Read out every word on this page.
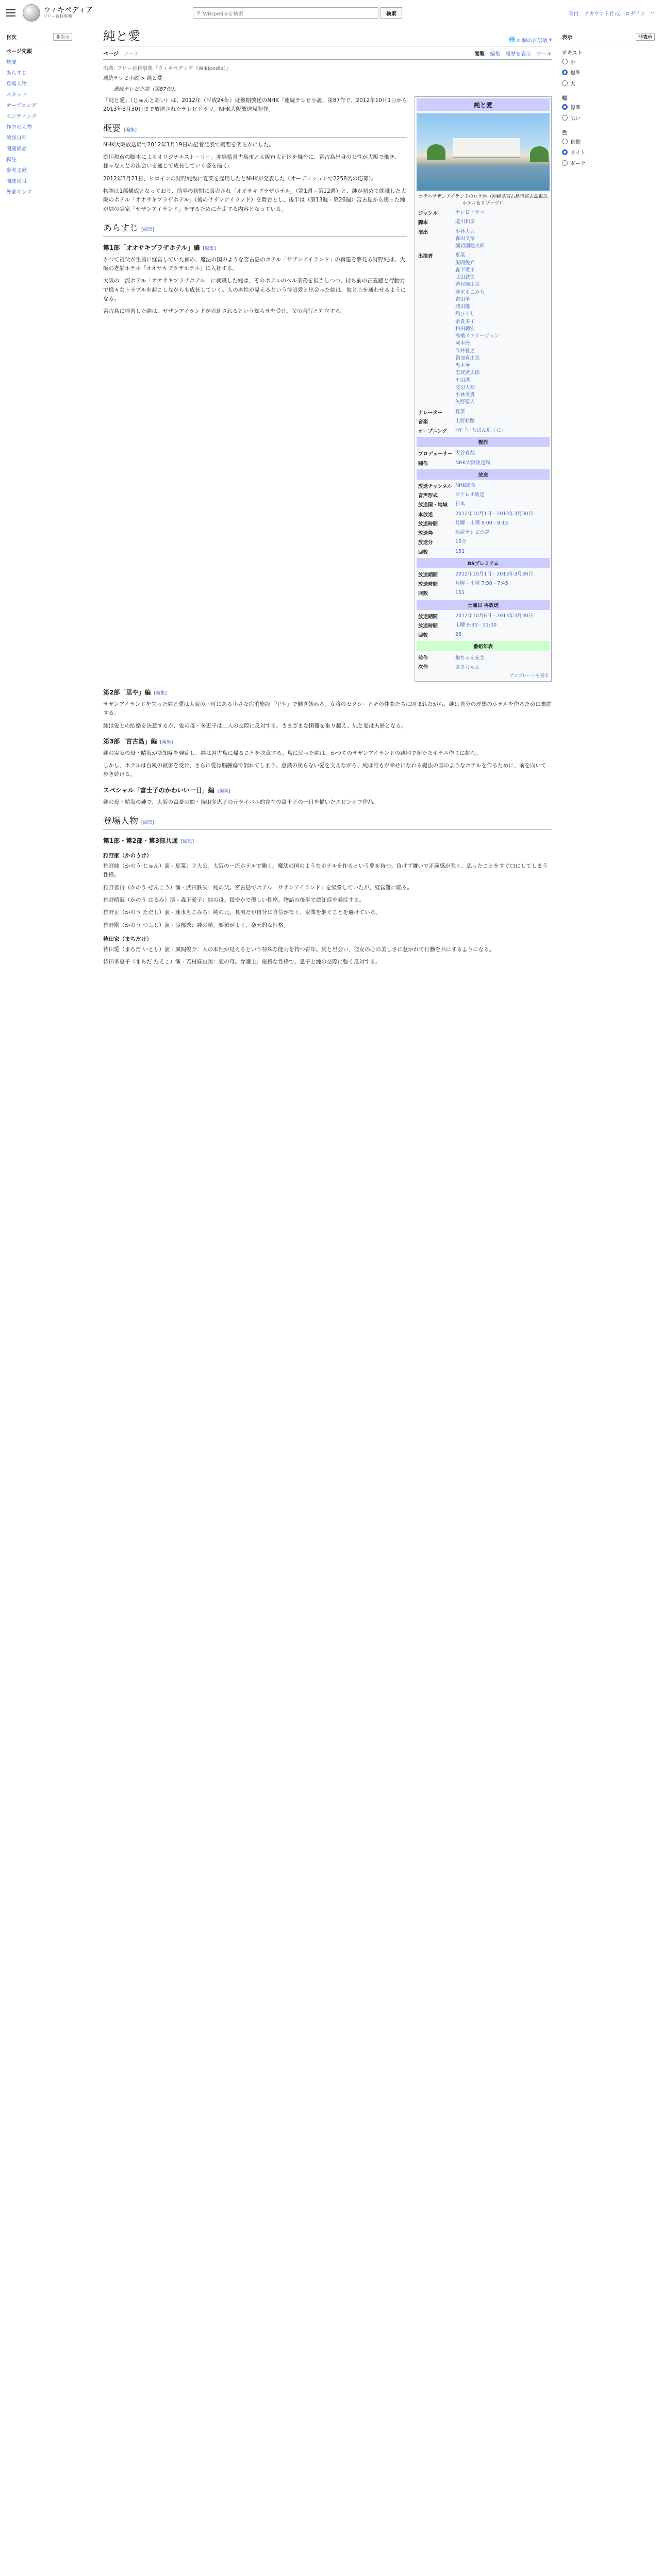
ウィキペディア
フリー百科事典
⚲ Wikipediaを検索	検索	寄付 アカウント作成 ログイン ⋯
目次	非表示
ページ先頭
概要
あらすじ
登場人物
スタッフ
オープニング
エンディング
作中の人物
放送日程
関連商品
脚注
参考文献
関連項目
外部リンク
純と愛	🌐 4 個の言語版 ▾
ページ ノート	閲覧 編集 履歴を表示 ツール
出典: フリー百科事典『ウィキペディア（Wikipedia）』
連続テレビ小説 > 純と愛
連続テレビ小説（第87作）。

『純と愛』（じゅんとあい）は、2012年（平成24年）度後期放送のNHK「連続テレビ小説」第87作で、2012年10月1日から2013年3月30日まで放送されたテレビドラマ。NHK大阪放送局制作。

概要 [編集]

NHK大阪放送局で2012年1月19日の記者発表で概要を明らかにした。

遊川和彦の脚本によるオリジナルストーリー。沖縄県宮古島市と大阪市大正区を舞台に、宮古島出身の女性が大阪で働き、様々な人との出会いを通じて成長していく姿を描く。

2012年3月21日、ヒロインの狩野純役に夏菜を起用したとNHKが発表した（オーディションで2258名の応募）。

物語は1部構成となっており、前半の初期に販売され「オオサキプラザホテル」（第1週 - 第12週）と、純が初めて就職した大阪のホテル「オオサキプラザホテル」（後のサザンアイランド）を舞台とし、後半は（第13週 - 第26週）宮古島から戻った純が純の実家「サザンアイランド」を守るために奔走する内容となっている。

あらすじ [編集]
第1部「オオサキプラザホテル」編 [編集]

かつて祖父が生前に経営していた南の、魔法の国のような宮古島のホテル「サザンアイランド」の再建を夢見る狩野純は、大阪の老舗ホテル「オオサキプラザホテル」に入社する。

大阪の一流ホテル「オオサキプラザホテル」に就職した純は、そのホテルのベル業務を担当しつつ、持ち前の正義感と行動力で様々なトラブルを起こしながらも成長していく。人の本性が見えるという待田愛と出会った純は、彼と心を通わせるようになる。

宮古島に帰省した純は、サザンアイランドが売却されるという知らせを受け、父の善行と対立する。

純と愛
ホテルサザンアイランドのロケ地（沖縄県宮古島市宮古島東急ホテル＆リゾーツ）
ジャンル	テレビドラマ
脚本	遊川和彦
演出	小林大児
森田文章
堀切園健太郎
出演者	夏菜
風間俊介
森下愛子
武田鉄矢
若村麻由美
速水もこみち
吉田羊
城田優
舘ひろし
余貴美子
和田聰宏
高橋メアリージュン
岡本玲
今井雅之
朝加真由美
黒木華
志賀廣太郎
平田満
渡辺大知
小林美貴
矢野聖人
ナレーター	夏菜
音楽	上野耕路
オープニング	HY「いちばん近くに」
製作
プロデューサー 大谷直哉
制作	NHK大阪放送局
放送
放送チャンネル NHK総合
音声形式	ステレオ放送
放送国・地域	日本
本放送	2012年10月1日 - 2013年3月30日
放送時間	月曜 - 土曜 8:00 - 8:15
放送枠	連続テレビ小説
放送分	15分
回数	151
BSプレミアム
放送期間	2012年10月1日 - 2013年3月30日
放送時間	月曜 - 土曜 7:30 - 7:45
回数	151
土曜日 再放送
放送期間	2012年10月6日 - 2013年3月30日
放送時間	土曜 9:30 - 11:00
回数	26
番組年表
前作	梅ちゃん先生
次作	あまちゃん
テンプレートを表示
第2部「里や」編 [編集]

サザンアイランドを失った純と愛は大阪の下町にある小さな宿泊施設「里や」で働き始める。女将のセクシーとその仲間たちに囲まれながら、純は自分の理想のホテルを作るために奮闘する。

純は愛との結婚を決意するが、愛の母・多恵子は二人の交際に反対する。さまざまな困難を乗り越え、純と愛は夫婦となる。

第3部「宮古島」編 [編集]

純の実家の母・晴海が認知症を発症し、純は宮古島に帰ることを決意する。島に戻った純は、かつてのサザンアイランドの跡地で新たなホテル作りに挑む。

しかし、ホテルは台風の被害を受け、さらに愛は脳腫瘍で倒れてしまう。意識の戻らない愛を支えながら、純は誰もが幸せになれる魔法の国のようなホテルを作るために、前を向いて歩き続ける。

スペシャル「富士子のかわいい一日」編 [編集]

純の母・晴海の姉で、大阪の富豪の娘・待田多恵子の元ライバル的存在の富士子の一日を描いたスピンオフ作品。

登場人物 [編集]
第1部・第2部・第3部共通 [編集]
狩野家（かのうけ）

狩野純（かのう じゅん）演 - 夏菜：主人公。大阪の一流ホテルで働く。魔法の国のようなホテルを作るという夢を持つ。負けず嫌いで正義感が強く、思ったことをすぐ口にしてしまう性格。

狩野善行（かのう ぜんこう）演 - 武田鉄矢：純の父。宮古島でホテル「サザンアイランド」を経営していたが、経営難に陥る。

狩野晴海（かのう はるみ）演 - 森下愛子：純の母。穏やかで優しい性格。物語の後半で認知症を発症する。

狩野正（かのう ただし）演 - 速水もこみち：純の兄。長男だが自分に自信がなく、家業を継ぐことを避けている。

狩野剛（かのう つよし）演 - 渡部秀：純の弟。要領がよく、楽天的な性格。

待田家（まちだけ）

待田愛（まちだ いとし）演 - 風間俊介：人の本性が見えるという特殊な能力を持つ青年。純と出会い、彼女の心の美しさに惹かれて行動を共にするようになる。

待田多恵子（まちだ たえこ）演 - 若村麻由美：愛の母。弁護士。厳格な性格で、息子と純の交際に強く反対する。

表示	非表示
テキスト
小
標準
大
幅
標準
広い
色
自動
ライト
ダーク
